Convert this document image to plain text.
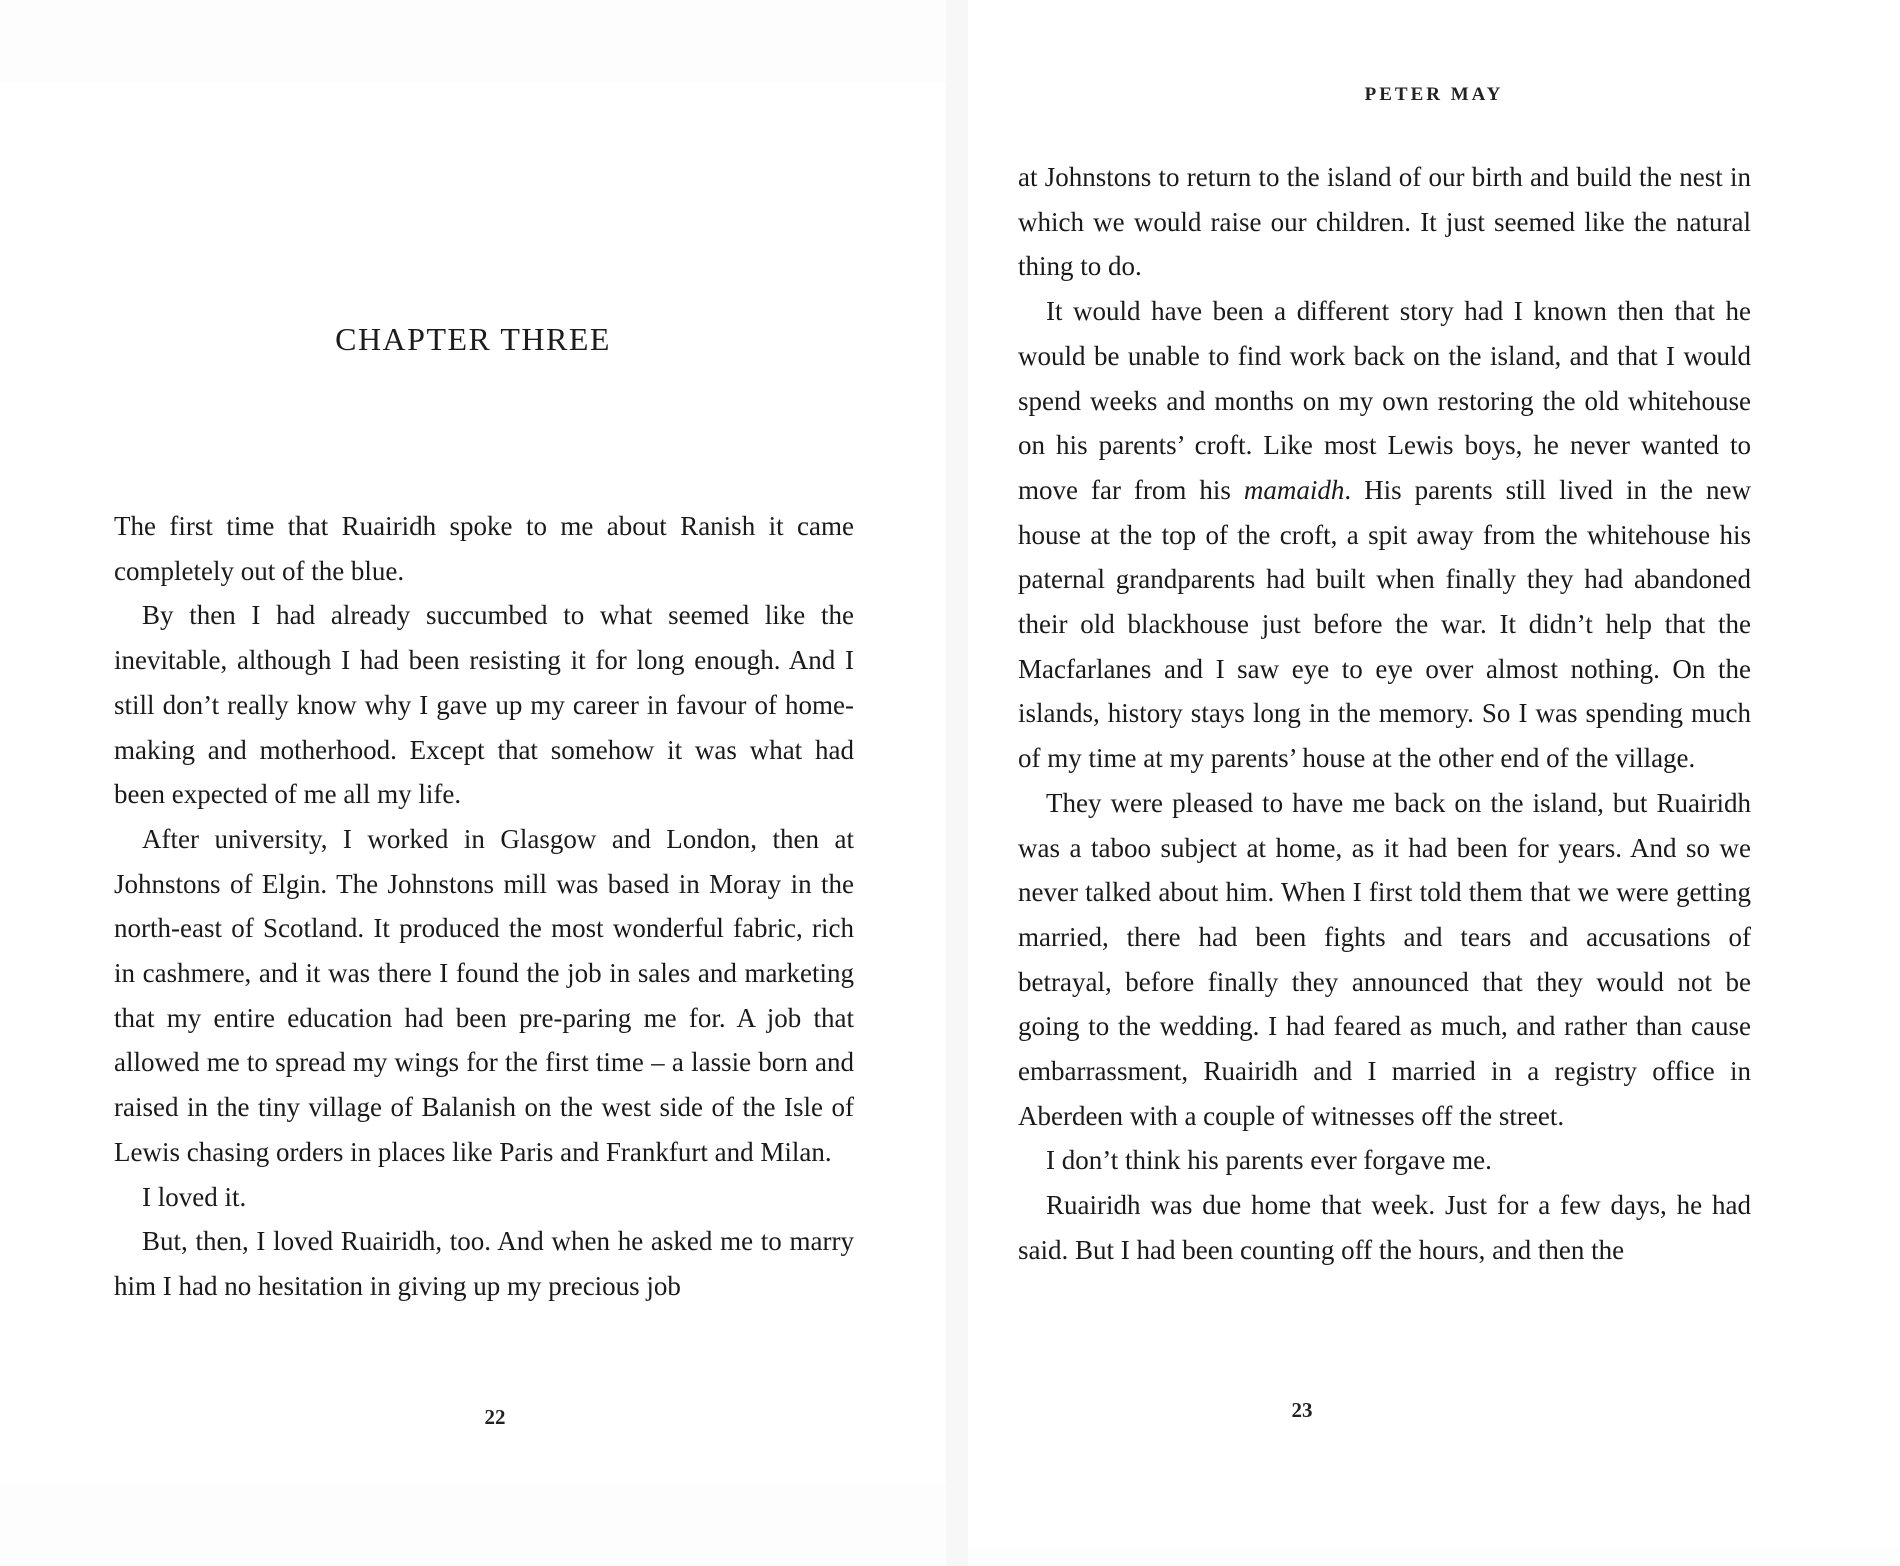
CHAPTER THREE

The first time that Ruairidh spoke to me about Ranish it came completely out of the blue.

By then I had already succumbed to what seemed like the inevitable, although I had been resisting it for long enough. And I still don’t really know why I gave up my career in favour of home-making and motherhood. Except that somehow it was what had been expected of me all my life.

After university, I worked in Glasgow and London, then at Johnstons of Elgin. The Johnstons mill was based in Moray in the north-east of Scotland. It produced the most wonderful fabric, rich in cashmere, and it was there I found the job in sales and marketing that my entire education had been pre-paring me for. A job that allowed me to spread my wings for the first time – a lassie born and raised in the tiny village of Balanish on the west side of the Isle of Lewis chasing orders in places like Paris and Frankfurt and Milan.

I loved it.

But, then, I loved Ruairidh, too. And when he asked me to marry him I had no hesitation in giving up my precious job

22
PETER MAY

at Johnstons to return to the island of our birth and build the nest in which we would raise our children. It just seemed like the natural thing to do.

It would have been a different story had I known then that he would be unable to find work back on the island, and that I would spend weeks and months on my own restoring the old whitehouse on his parents’ croft. Like most Lewis boys, he never wanted to move far from his mamaidh. His parents still lived in the new house at the top of the croft, a spit away from the whitehouse his paternal grandparents had built when finally they had abandoned their old blackhouse just before the war. It didn’t help that the Macfarlanes and I saw eye to eye over almost nothing. On the islands, history stays long in the memory. So I was spending much of my time at my parents’ house at the other end of the village.

They were pleased to have me back on the island, but Ruairidh was a taboo subject at home, as it had been for years. And so we never talked about him. When I first told them that we were getting married, there had been fights and tears and accusations of betrayal, before finally they announced that they would not be going to the wedding. I had feared as much, and rather than cause embarrassment, Ruairidh and I married in a registry office in Aberdeen with a couple of witnesses off the street.

I don’t think his parents ever forgave me.

Ruairidh was due home that week. Just for a few days, he had said. But I had been counting off the hours, and then the

23
